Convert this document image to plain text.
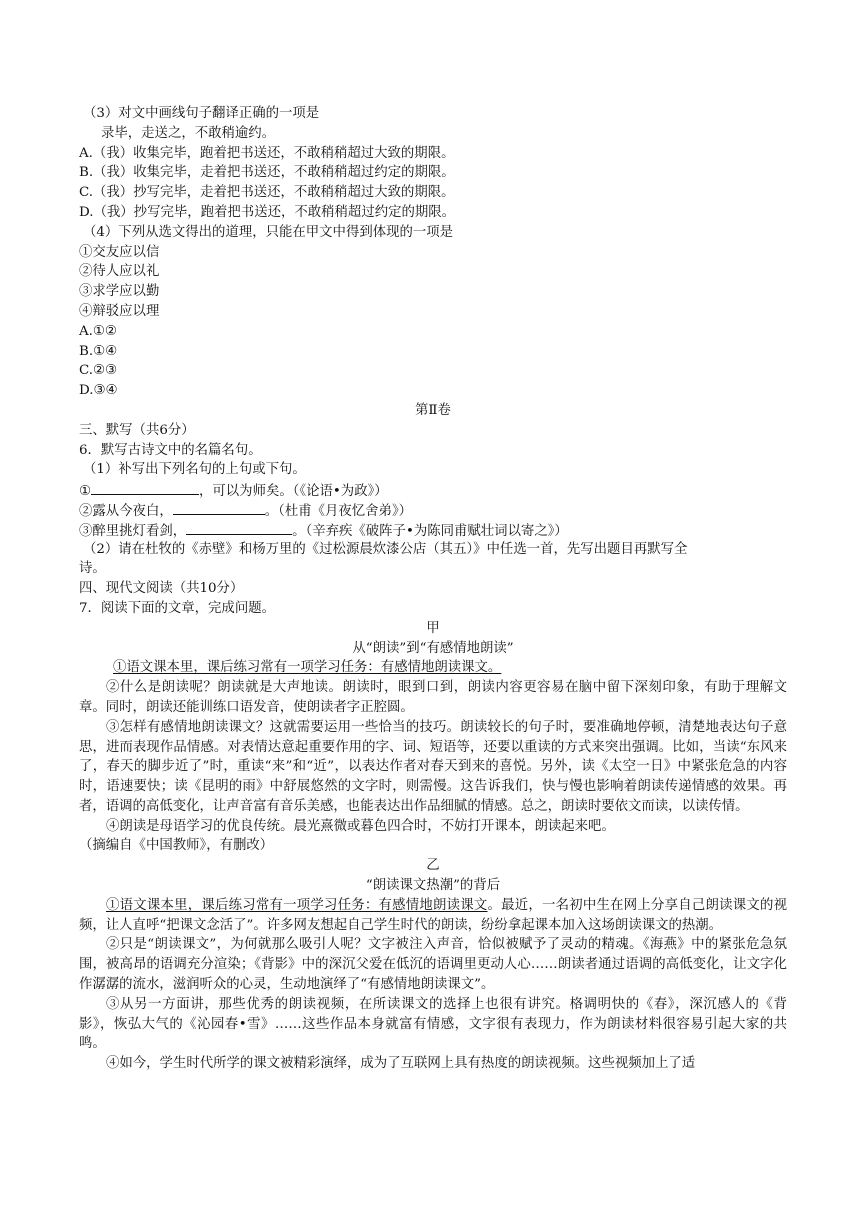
（3）对文中画线句子翻译正确的一项是
录毕，走送之，不敢稍逾约。
A.（我）收集完毕，跑着把书送还，不敢稍稍超过大致的期限。
B.（我）收集完毕，走着把书送还，不敢稍稍超过约定的期限。
C.（我）抄写完毕，走着把书送还，不敢稍稍超过大致的期限。
D.（我）抄写完毕，跑着把书送还，不敢稍稍超过约定的期限。
（4）下列从选文得出的道理，只能在甲文中得到体现的一项是
①交友应以信
②待人应以礼
③求学应以勤
④辩驳应以理
A.①②
B.①④
C.②③
D.③④
第Ⅱ卷
三、默写（共6分）
6．默写古诗文中的名篇名句。
（1）补写出下列名句的上句或下句。
①	，可以为师矣。（《论语•为政》）
②露从今夜白，	。（杜甫《月夜忆舍弟》）
③醉里挑灯看剑，	。（辛弃疾《破阵子•为陈同甫赋壮词以寄之》）
（2）请在杜牧的《赤壁》和杨万里的《过松源晨炊漆公店（其五）》中任选一首，先写出题目再默写全
诗。
四、现代文阅读（共10分）
7．阅读下面的文章，完成问题。
甲
从“朗读”到“有感情地朗读”
①语文课本里，课后练习常有一项学习任务：有感情地朗读课文。
②什么是朗读呢？朗读就是大声地读。朗读时，眼到口到，朗读内容更容易在脑中留下深刻印象，有助于理解文章。同时，朗读还能训练口语发音，使朗读者字正腔圆。
③怎样有感情地朗读课文？这就需要运用一些恰当的技巧。朗读较长的句子时，要准确地停顿，清楚地表达句子意思，进而表现作品情感。对表情达意起重要作用的字、词、短语等，还要以重读的方式来突出强调。比如，当读“东风来了，春天的脚步近了”时，重读“来”和“近”，以表达作者对春天到来的喜悦。另外，读《太空一日》中紧张危急的内容时，语速要快；读《昆明的雨》中舒展悠然的文字时，则需慢。这告诉我们，快与慢也影响着朗读传递情感的效果。再者，语调的高低变化，让声音富有音乐美感，也能表达出作品细腻的情感。总之，朗读时要依文而读，以读传情。
④朗读是母语学习的优良传统。晨光熹微或暮色四合时，不妨打开课本，朗读起来吧。
（摘编自《中国教师》，有删改）
乙
“朗读课文热潮”的背后
①语文课本里，课后练习常有一项学习任务：有感情地朗读课文。最近，一名初中生在网上分享自己朗读课文的视频，让人直呼“把课文念活了”。许多网友想起自己学生时代的朗读，纷纷拿起课本加入这场朗读课文的热潮。
②只是“朗读课文”，为何就那么吸引人呢？文字被注入声音，恰似被赋予了灵动的精魂。《海燕》中的紧张危急氛围，被高昂的语调充分渲染；《背影》中的深沉父爱在低沉的语调里更动人心……朗读者通过语调的高低变化，让文字化作潺潺的流水，滋润听众的心灵，生动地演绎了“有感情地朗读课文”。
③从另一方面讲，那些优秀的朗读视频，在所读课文的选择上也很有讲究。格调明快的《春》，深沉感人的《背影》，恢弘大气的《沁园春•雪》……这些作品本身就富有情感，文字很有表现力，作为朗读材料很容易引起大家的共鸣。
④如今，学生时代所学的课文被精彩演绎，成为了互联网上具有热度的朗读视频。这些视频加上了适
